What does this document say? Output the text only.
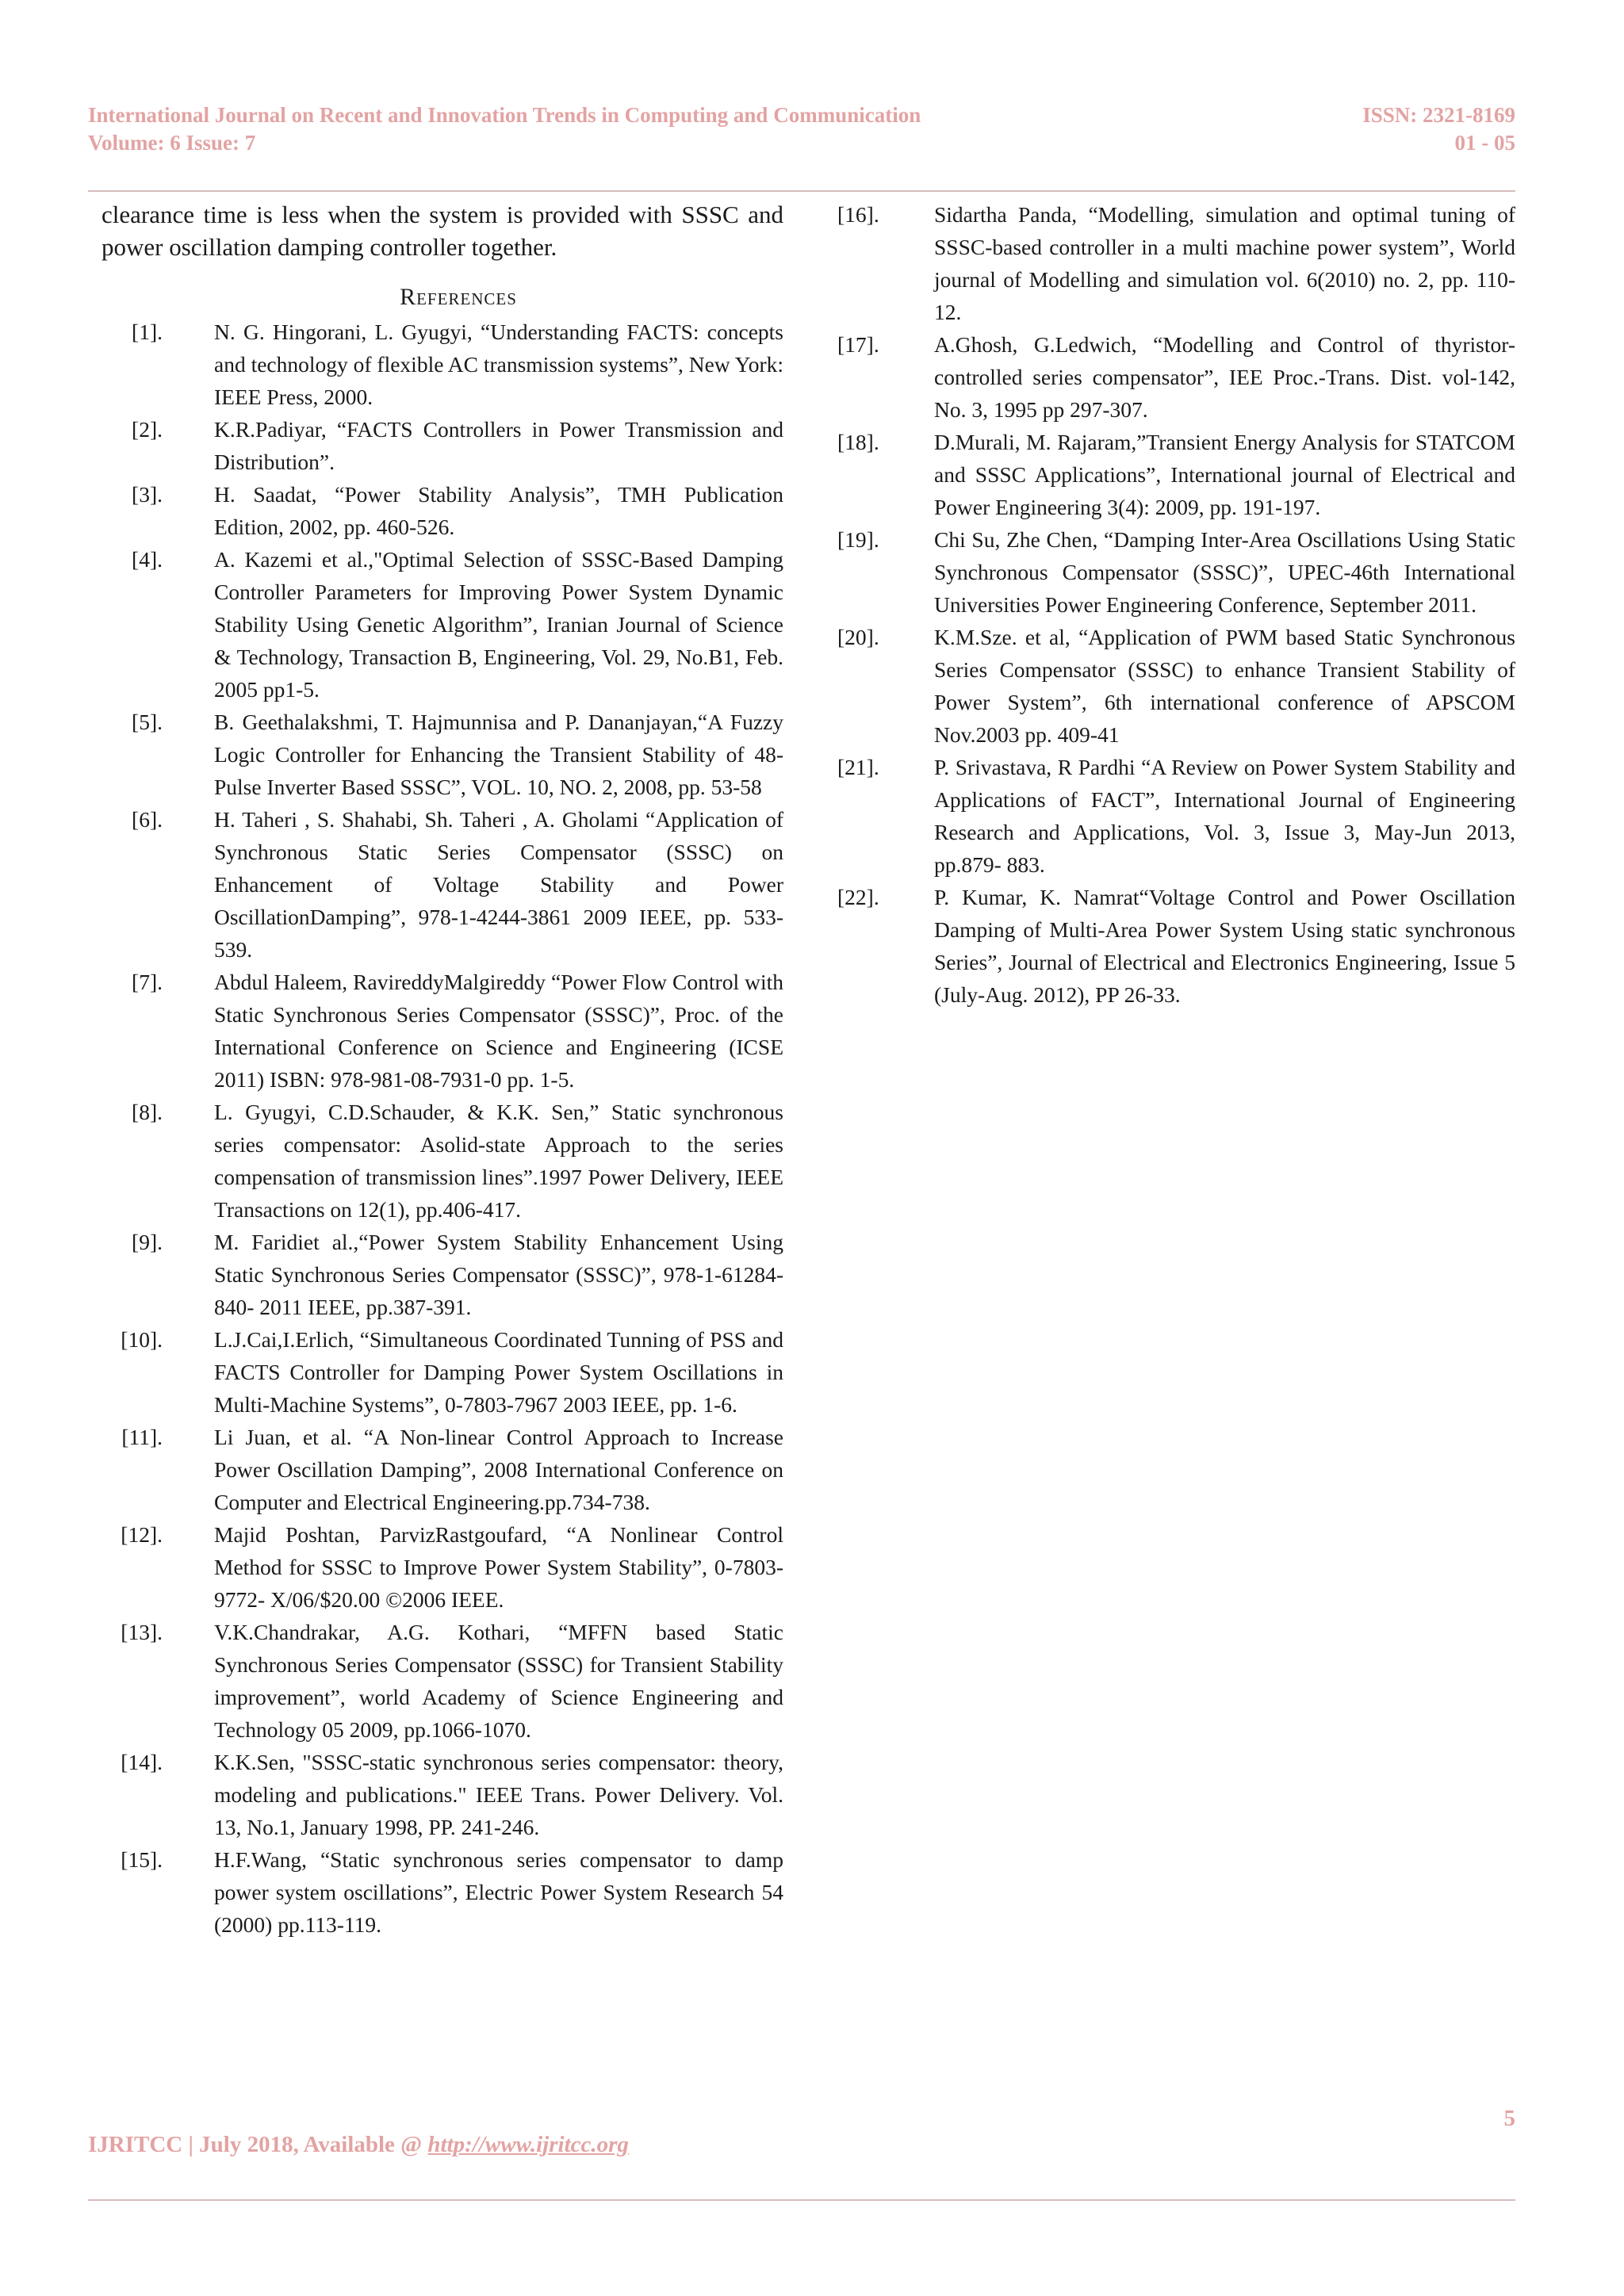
International Journal on Recent and Innovation Trends in Computing and Communication	ISSN: 2321-8169
Volume: 6 Issue: 7	01 - 05

clearance time is less when the system is provided with SSSC and power oscillation damping controller together.

References
[1].	N. G. Hingorani, L. Gyugyi, “Understanding FACTS: concepts and technology of flexible AC transmission systems”, New York: IEEE Press, 2000.
[2].	K.R.Padiyar, “FACTS Controllers in Power Transmission and Distribution”.
[3].	H. Saadat, “Power Stability Analysis”, TMH Publication Edition, 2002, pp. 460-526.
[4].	A. Kazemi et al.,"Optimal Selection of SSSC-Based Damping Controller Parameters for Improving Power System Dynamic Stability Using Genetic Algorithm”, Iranian Journal of Science & Technology, Transaction B, Engineering, Vol. 29, No.B1, Feb. 2005 pp1-5.
[5].	B. Geethalakshmi, T. Hajmunnisa and P. Dananjayan,“A Fuzzy Logic Controller for Enhancing the Transient Stability of 48-Pulse Inverter Based SSSC”, VOL. 10, NO. 2, 2008, pp. 53-58
[6].	H. Taheri , S. Shahabi, Sh. Taheri , A. Gholami “Application of Synchronous Static Series Compensator (SSSC) on Enhancement of Voltage Stability and Power OscillationDamping”, 978-1-4244-3861 2009 IEEE, pp. 533-539.
[7].	Abdul Haleem, RavireddyMalgireddy “Power Flow Control with Static Synchronous Series Compensator (SSSC)”, Proc. of the International Conference on Science and Engineering (ICSE 2011) ISBN: 978-981-08-7931-0 pp. 1-5.
[8].	L. Gyugyi, C.D.Schauder, & K.K. Sen,” Static synchronous series compensator: Asolid-state Approach to the series compensation of transmission lines”.1997 Power Delivery, IEEE Transactions on 12(1), pp.406-417.
[9].	M. Faridiet al.,“Power System Stability Enhancement Using Static Synchronous Series Compensator (SSSC)”, 978-1-61284-840- 2011 IEEE, pp.387-391.
[10].	L.J.Cai,I.Erlich, “Simultaneous Coordinated Tunning of PSS and FACTS Controller for Damping Power System Oscillations in Multi-Machine Systems”, 0-7803-7967 2003 IEEE, pp. 1-6.
[11].	Li Juan, et al. “A Non-linear Control Approach to Increase Power Oscillation Damping”, 2008 International Conference on Computer and Electrical Engineering.pp.734-738.
[12].	Majid Poshtan, ParvizRastgoufard, “A Nonlinear Control Method for SSSC to Improve Power System Stability”, 0-7803-9772- X/06/$20.00 ©2006 IEEE.
[13].	V.K.Chandrakar, A.G. Kothari, “MFFN based Static Synchronous Series Compensator (SSSC) for Transient Stability improvement”, world Academy of Science Engineering and Technology 05 2009, pp.1066-1070.
[14].	K.K.Sen, "SSSC-static synchronous series compensator: theory, modeling and publications." IEEE Trans. Power Delivery. Vol. 13, No.1, January 1998, PP. 241-246.
[15].	H.F.Wang, “Static synchronous series compensator to damp power system oscillations”, Electric Power System Research 54 (2000) pp.113-119.
[16].	Sidartha Panda, “Modelling, simulation and optimal tuning of SSSC-based controller in a multi machine power system”, World journal of Modelling and simulation vol. 6(2010) no. 2, pp. 110-12.
[17].	A.Ghosh, G.Ledwich, “Modelling and Control of thyristor- controlled series compensator”, IEE Proc.-Trans. Dist. vol-142, No. 3, 1995 pp 297-307.
[18].	D.Murali, M. Rajaram,”Transient Energy Analysis for STATCOM and SSSC Applications”, International journal of Electrical and Power Engineering 3(4): 2009, pp. 191-197.
[19].	Chi Su, Zhe Chen, “Damping Inter-Area Oscillations Using Static Synchronous Compensator (SSSC)”, UPEC-46th International Universities Power Engineering Conference, September 2011.
[20].	K.M.Sze. et al, “Application of PWM based Static Synchronous Series Compensator (SSSC) to enhance Transient Stability of Power System”, 6th international conference of APSCOM Nov.2003 pp. 409-41
[21].	P. Srivastava, R Pardhi “A Review on Power System Stability and Applications of FACT”, International Journal of Engineering Research and Applications, Vol. 3, Issue 3, May-Jun 2013, pp.879- 883.
[22].	P. Kumar, K. Namrat“Voltage Control and Power Oscillation Damping of Multi-Area Power System Using static synchronous Series”, Journal of Electrical and Electronics Engineering, Issue 5 (July-Aug. 2012), PP 26-33.
5
IJRITCC | July 2018, Available @ http://www.ijritcc.org
